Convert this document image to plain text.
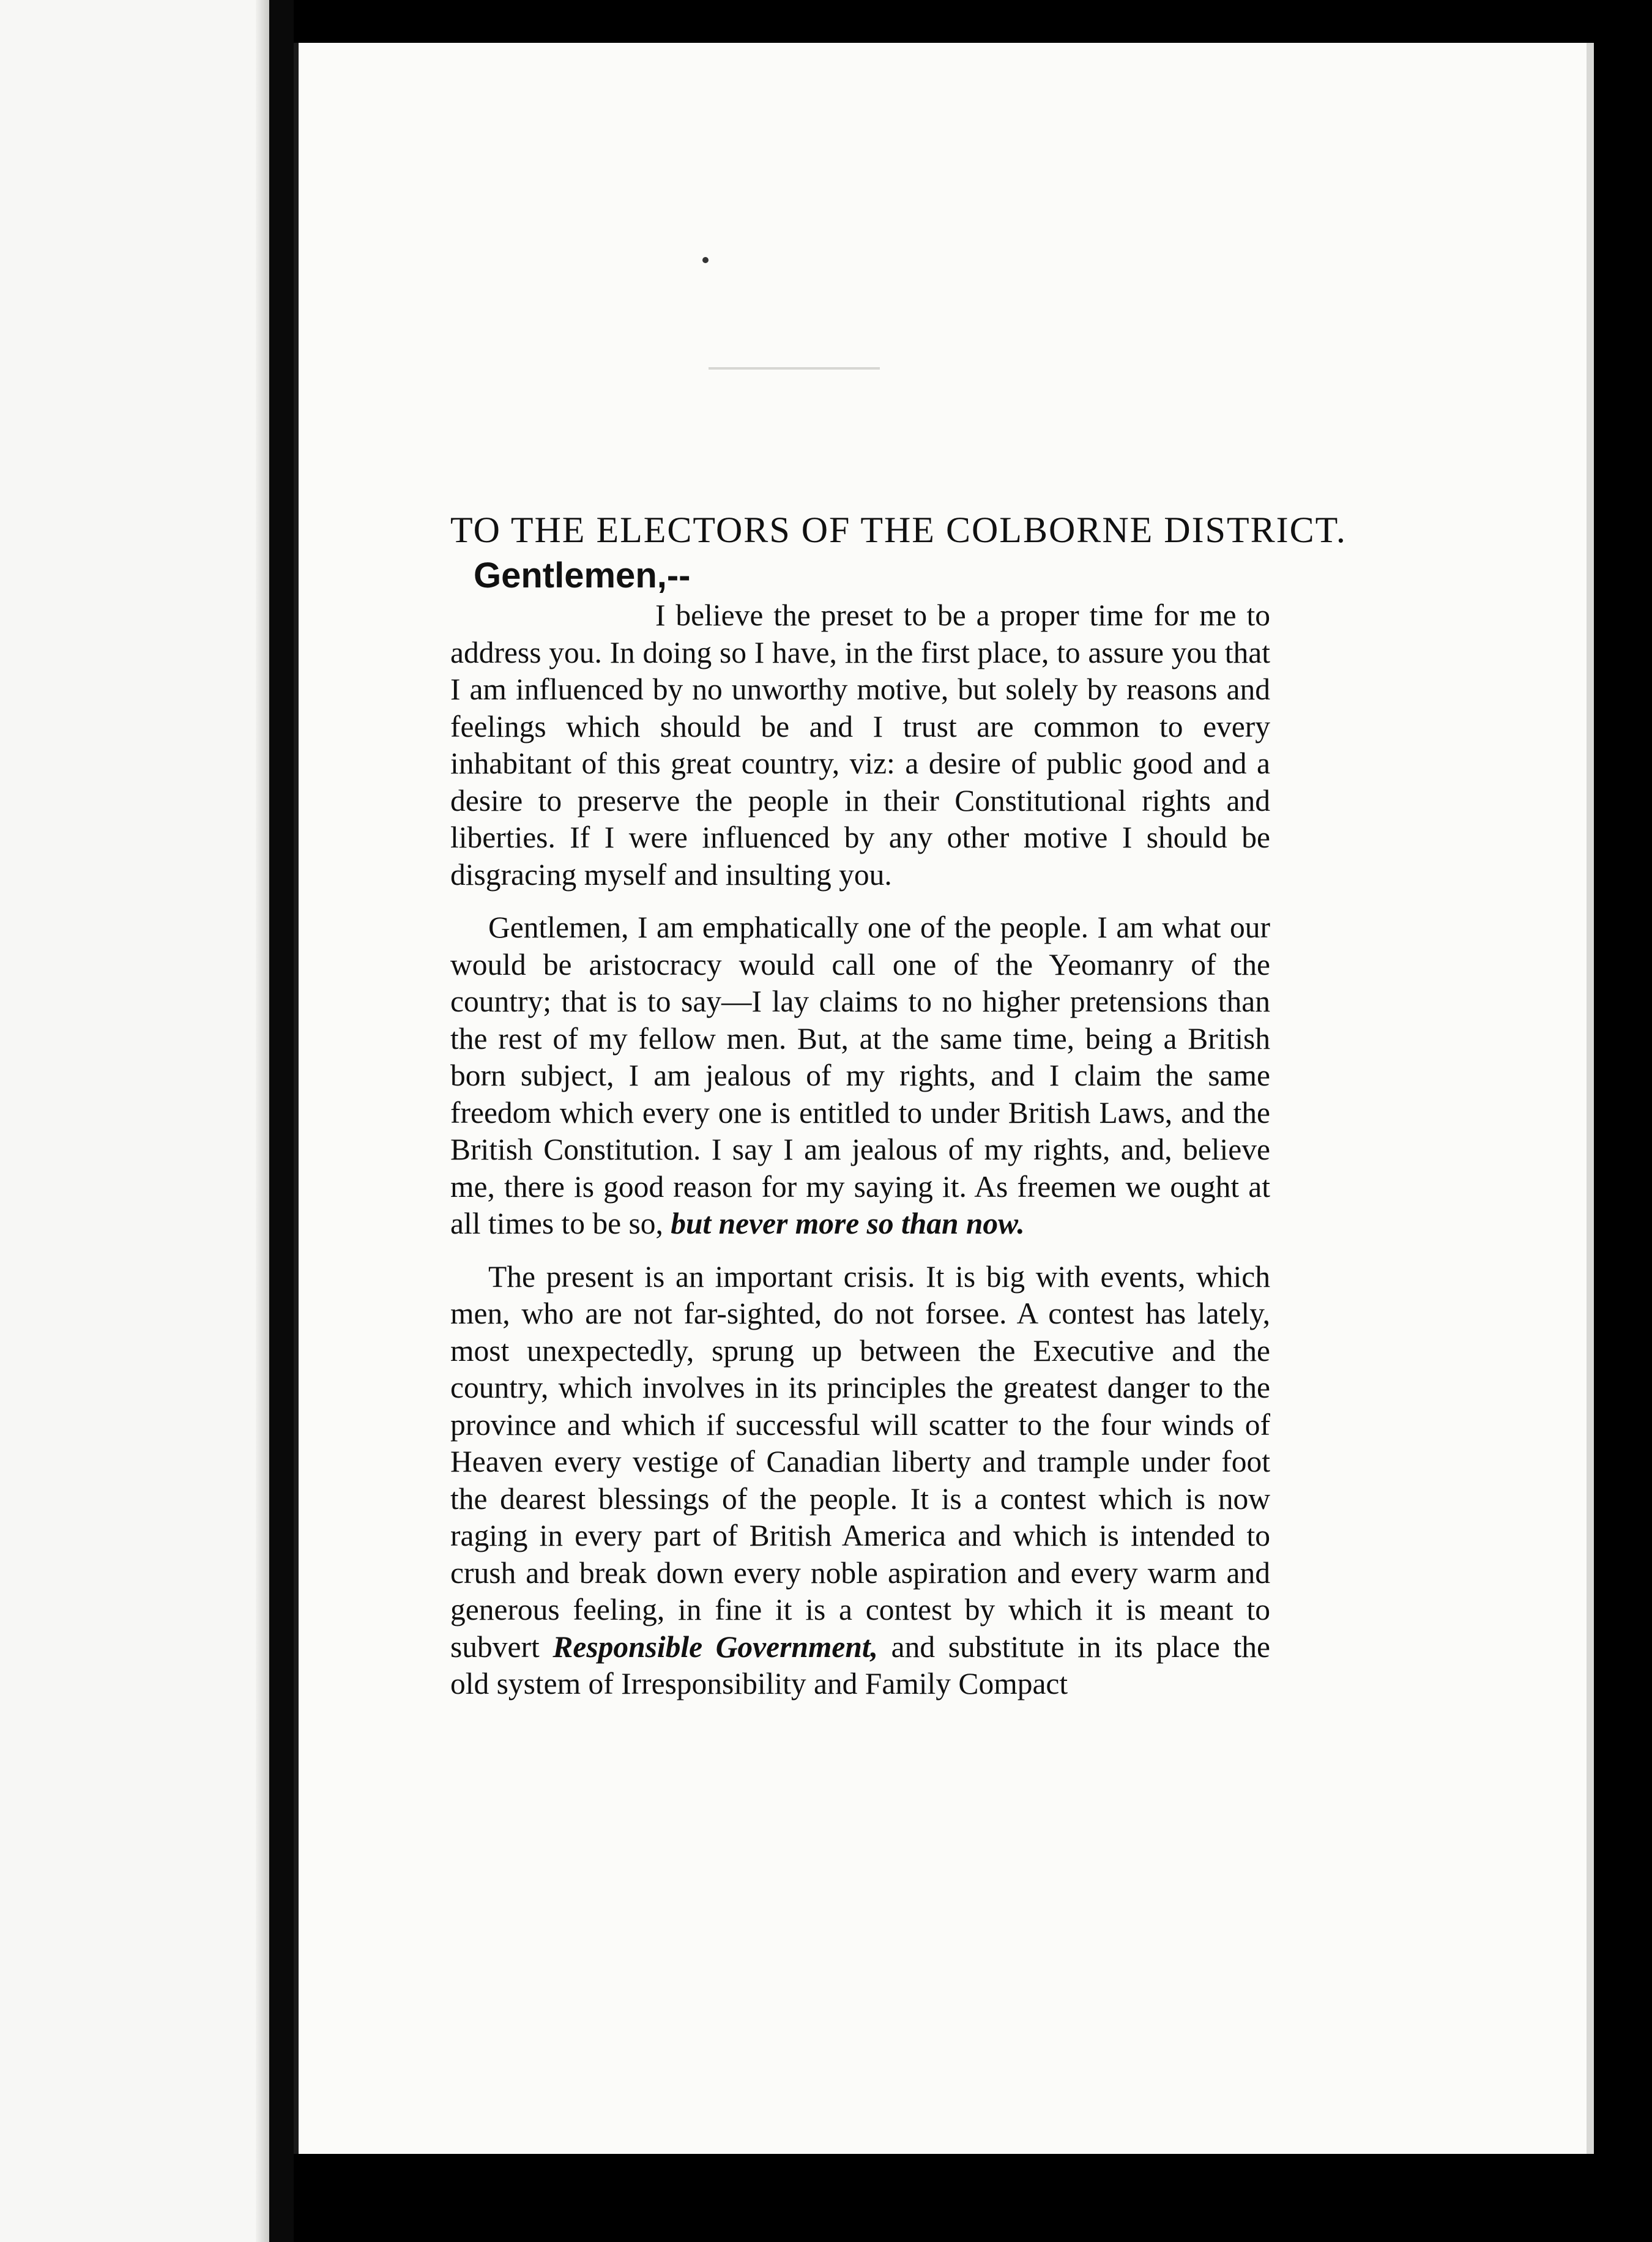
TO THE ELECTORS OF THE COLBORNE DISTRICT.
Gentlemen,--

I believe the preset to be a proper time for me to address you. In doing so I have, in the first place, to assure you that I am influenced by no unworthy motive, but solely by reasons and feelings which should be and I trust are common to every inhabitant of this great country, viz: a desire of public good and a desire to preserve the people in their Constitutional rights and liberties. If I were influenced by any other motive I should be disgracing myself and insulting you.

Gentlemen, I am emphatically one of the people. I am what our would be aristocracy would call one of the Yeomanry of the country; that is to say—I lay claims to no higher pretensions than the rest of my fellow men. But, at the same time, being a British born subject, I am jealous of my rights, and I claim the same freedom which every one is entitled to under British Laws, and the British Constitution. I say I am jealous of my rights, and, believe me, there is good reason for my saying it. As freemen we ought at all times to be so, but never more so than now.

The present is an important crisis. It is big with events, which men, who are not far-sighted, do not forsee. A contest has lately, most unexpectedly, sprung up between the Executive and the country, which involves in its principles the greatest danger to the province and which if successful will scatter to the four winds of Heaven every vestige of Canadian liberty and trample under foot the dearest blessings of the people. It is a contest which is now raging in every part of British America and which is intended to crush and break down every noble aspiration and every warm and generous feeling, in fine it is a contest by which it is meant to subvert Responsible Government, and substitute in its place the old system of Irresponsibility and Family Compact
